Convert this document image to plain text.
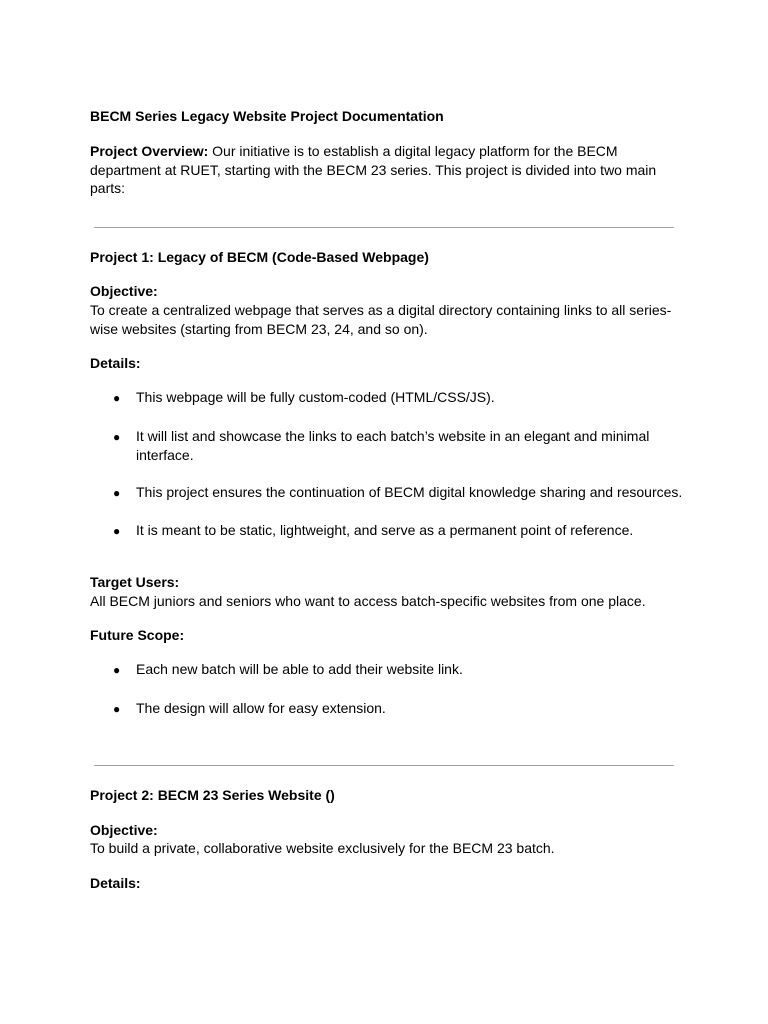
BECM Series Legacy Website Project Documentation

Project Overview: Our initiative is to establish a digital legacy platform for the BECM department at RUET, starting with the BECM 23 series. This project is divided into two main parts:

Project 1: Legacy of BECM (Code-Based Webpage)

Objective:

To create a centralized webpage that serves as a digital directory containing links to all series-wise websites (starting from BECM 23, 24, and so on).

Details:

● This webpage will be fully custom-coded (HTML/CSS/JS).

● It will list and showcase the links to each batch’s website in an elegant and minimal interface.

● This project ensures the continuation of BECM digital knowledge sharing and resources.

● It is meant to be static, lightweight, and serve as a permanent point of reference.

Target Users:

All BECM juniors and seniors who want to access batch-specific websites from one place.

Future Scope:

● Each new batch will be able to add their website link.

● The design will allow for easy extension.

Project 2: BECM 23 Series Website ()

Objective:

To build a private, collaborative website exclusively for the BECM 23 batch.

Details:
